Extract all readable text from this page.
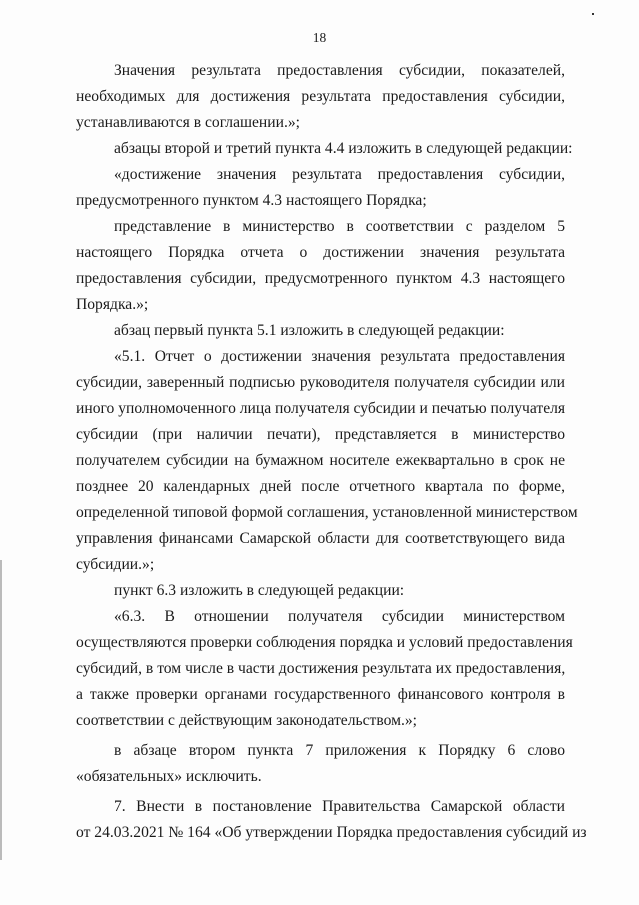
18
Значения результата предоставления субсидии, показателей,
необходимых для достижения результата предоставления субсидии,
устанавливаются в соглашении.»;
абзацы второй и третий пункта 4.4 изложить в следующей редакции:
«достижение значения результата предоставления субсидии,
предусмотренного пунктом 4.3 настоящего Порядка;
представление в министерство в соответствии с разделом 5
настоящего Порядка отчета о достижении значения результата
предоставления субсидии, предусмотренного пунктом 4.3 настоящего
Порядка.»;
абзац первый пункта 5.1 изложить в следующей редакции:
«5.1. Отчет о достижении значения результата предоставления
субсидии, заверенный подписью руководителя получателя субсидии или
иного уполномоченного лица получателя субсидии и печатью получателя
субсидии (при наличии печати), представляется в министерство
получателем субсидии на бумажном носителе ежеквартально в срок не
позднее 20 календарных дней после отчетного квартала по форме,
определенной типовой формой соглашения, установленной министерством
управления финансами Самарской области для соответствующего вида
субсидии.»;
пункт 6.3 изложить в следующей редакции:
«6.3. В отношении получателя субсидии министерством
осуществляются проверки соблюдения порядка и условий предоставления
субсидий, в том числе в части достижения результата их предоставления,
а также проверки органами государственного финансового контроля в
соответствии с действующим законодательством.»;
в абзаце втором пункта 7 приложения к Порядку 6 слово
«обязательных» исключить.
7. Внести в постановление Правительства Самарской области
от 24.03.2021 № 164 «Об утверждении Порядка предоставления субсидий из
